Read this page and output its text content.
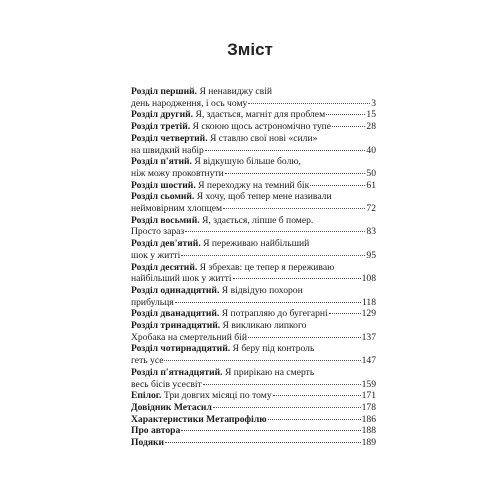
Зміст
Розділ перший. Я ненавиджу свій
день народження, і ось чому	3
Розділ другий. Я, здається, магніт для проблем	15
Розділ третій. Я скоюю щось астрономічно тупе	28
Розділ четвертий. Я ставлю свої нові «сили»
на швидкий набір	40
Розділ п'ятий. Я відкушую більше болю,
ніж можу проковтнути	50
Розділ шостий. Я переходжу на темний бік	61
Розділ сьомий. Я хочу, щоб тепер мене називали
неймовірним хлопцем	72
Розділ восьмий. Я, здається, ліпше б помер.
Просто зараз	83
Розділ дев'ятий. Я переживаю найбільший
шок у житті	95
Розділ десятий. Я збрехав: це тепер я переживаю
найбільший шок у житті	108
Розділ одинадцятий. Я відвідую похорон
прибульця	118
Розділ дванадцятий. Я потрапляю до бугегарні	129
Розділ тринадцятий. Я викликаю липкого
Хробака на смертельний бій	137
Розділ чотирнадцятий. Я беру під контроль
геть усе	147
Розділ п'ятнадцятий. Я прирікаю на смерть
весь бісів усесвіт	159
Епілог. Три довгих місяці по тому	171
Довідник Метасил	178
Характеристики Метапрофілю	186
Про автора	188
Подяки	189
